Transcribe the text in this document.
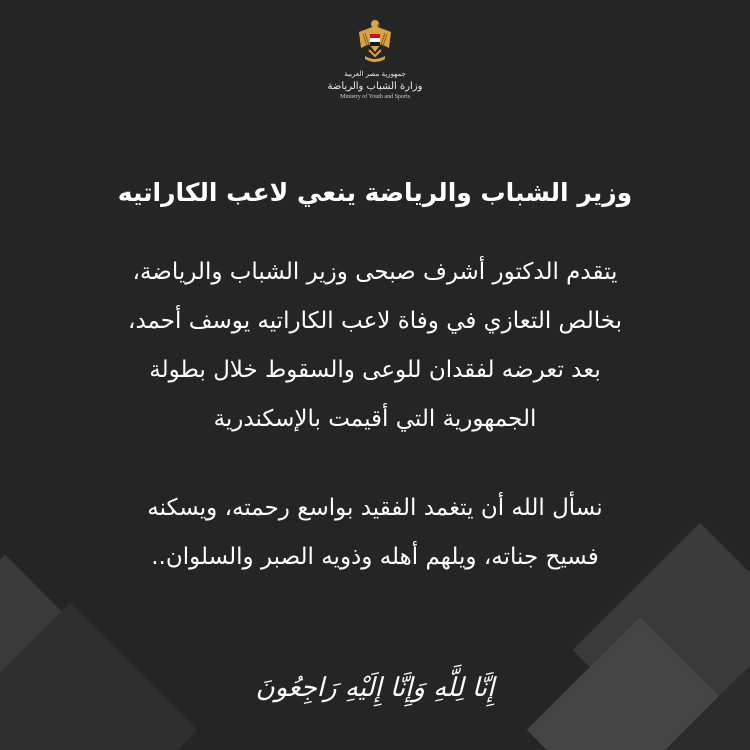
جمهورية مصر العربية
وزارة الشباب والرياضة
Ministry of Youth and Sports
وزير الشباب والرياضة ينعي لاعب الكاراتيه
يتقدم الدكتور أشرف صبحى وزير الشباب والرياضة،
بخالص التعازي في وفاة لاعب الكاراتيه يوسف أحمد،
بعد تعرضه لفقدان للوعى والسقوط خلال بطولة
الجمهورية التي أقيمت بالإسكندرية
نسأل الله أن يتغمد الفقيد بواسع رحمته، ويسكنه
فسيح جناته، ويلهم أهله وذويه الصبر والسلوان..
إِنَّا لِلَّهِ وَإِنَّا إِلَيْهِ رَاجِعُونَ
